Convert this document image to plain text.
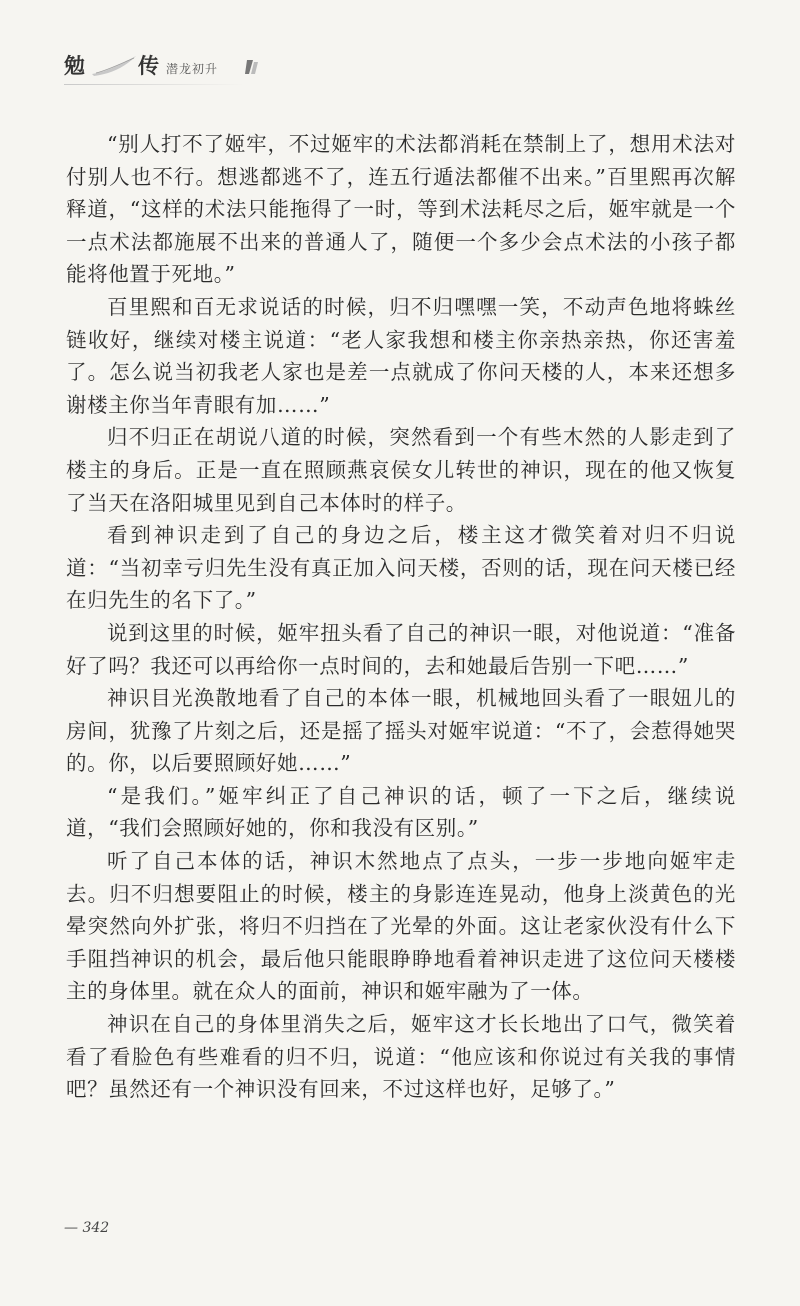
勉	传 潜龙初升

“别人打不了姬牢，不过姬牢的术法都消耗在禁制上了，想用术法对付别人也不行。想逃都逃不了，连五行遁法都催不出来。”百里熙再次解释道，“这样的术法只能拖得了一时，等到术法耗尽之后，姬牢就是一个一点术法都施展不出来的普通人了，随便一个多少会点术法的小孩子都能将他置于死地。”

百里熙和百无求说话的时候，归不归嘿嘿一笑，不动声色地将蛛丝链收好，继续对楼主说道：“老人家我想和楼主你亲热亲热，你还害羞了。怎么说当初我老人家也是差一点就成了你问天楼的人，本来还想多谢楼主你当年青眼有加……”

归不归正在胡说八道的时候，突然看到一个有些木然的人影走到了楼主的身后。正是一直在照顾燕哀侯女儿转世的神识，现在的他又恢复了当天在洛阳城里见到自己本体时的样子。

看到神识走到了自己的身边之后，楼主这才微笑着对归不归说道：“当初幸亏归先生没有真正加入问天楼，否则的话，现在问天楼已经在归先生的名下了。”

说到这里的时候，姬牢扭头看了自己的神识一眼，对他说道：“准备好了吗？我还可以再给你一点时间的，去和她最后告别一下吧……”

神识目光涣散地看了自己的本体一眼，机械地回头看了一眼妞儿的房间，犹豫了片刻之后，还是摇了摇头对姬牢说道：“不了，会惹得她哭的。你，以后要照顾好她……”

“是我们。”姬牢纠正了自己神识的话，顿了一下之后，继续说道，“我们会照顾好她的，你和我没有区别。”

听了自己本体的话，神识木然地点了点头，一步一步地向姬牢走去。归不归想要阻止的时候，楼主的身影连连晃动，他身上淡黄色的光晕突然向外扩张，将归不归挡在了光晕的外面。这让老家伙没有什么下手阻挡神识的机会，最后他只能眼睁睁地看着神识走进了这位问天楼楼主的身体里。就在众人的面前，神识和姬牢融为了一体。

神识在自己的身体里消失之后，姬牢这才长长地出了口气，微笑着看了看脸色有些难看的归不归，说道：“他应该和你说过有关我的事情吧？虽然还有一个神识没有回来，不过这样也好，足够了。”

— 342
